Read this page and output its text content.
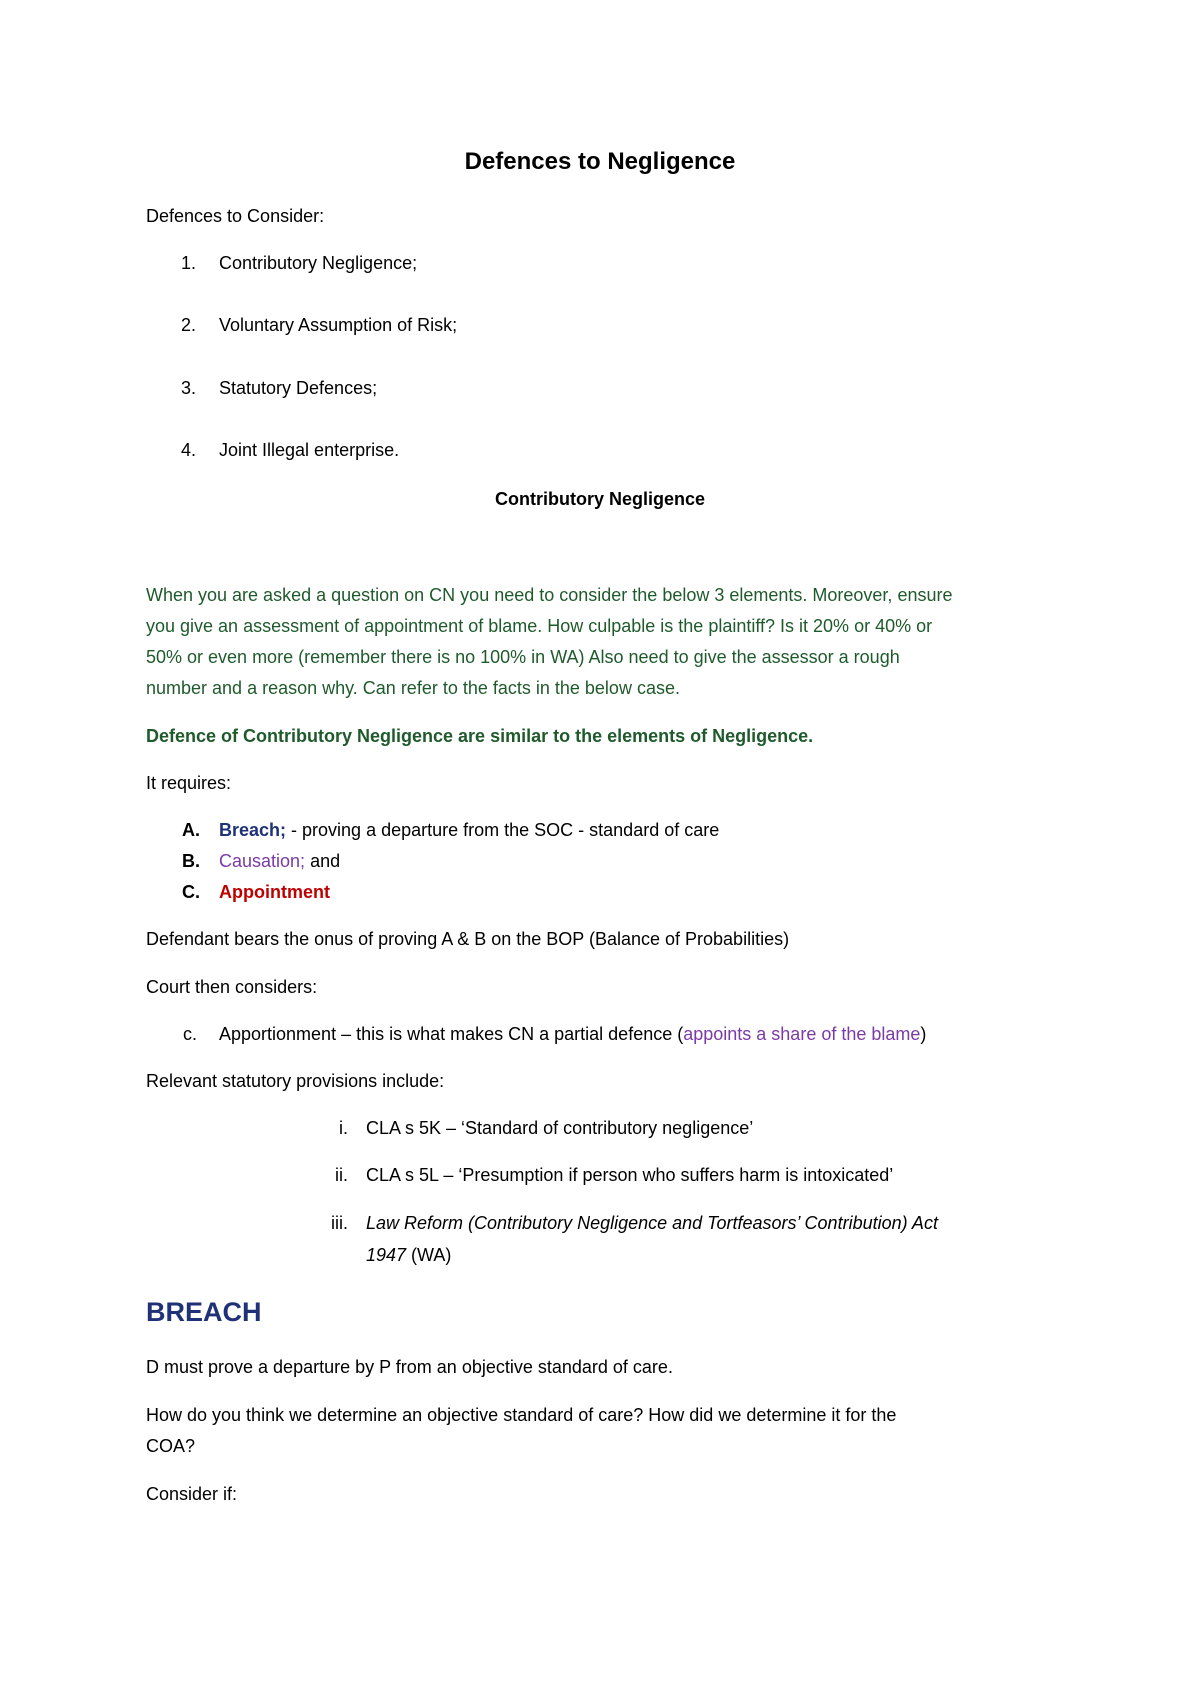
Defences to Negligence
Defences to Consider:
1. Contributory Negligence;
2. Voluntary Assumption of Risk;
3. Statutory Defences;
4. Joint Illegal enterprise.
Contributory Negligence
When you are asked a question on CN you need to consider the below 3 elements. Moreover, ensure
you give an assessment of appointment of blame. How culpable is the plaintiff? Is it 20% or 40% or
50% or even more (remember there is no 100% in WA) Also need to give the assessor a rough
number and a reason why. Can refer to the facts in the below case.
Defence of Contributory Negligence are similar to the elements of Negligence.
It requires:
A. Breach; - proving a departure from the SOC - standard of care
B. Causation; and
C. Appointment
Defendant bears the onus of proving A & B on the BOP (Balance of Probabilities)
Court then considers:
c. Apportionment – this is what makes CN a partial defence (appoints a share of the blame)
Relevant statutory provisions include:
i. CLA s 5K – ‘Standard of contributory negligence’
ii. CLA s 5L – ‘Presumption if person who suffers harm is intoxicated’
iii. Law Reform (Contributory Negligence and Tortfeasors’ Contribution) Act
1947 (WA)
BREACH
D must prove a departure by P from an objective standard of care.
How do you think we determine an objective standard of care? How did we determine it for the
COA?
Consider if:
